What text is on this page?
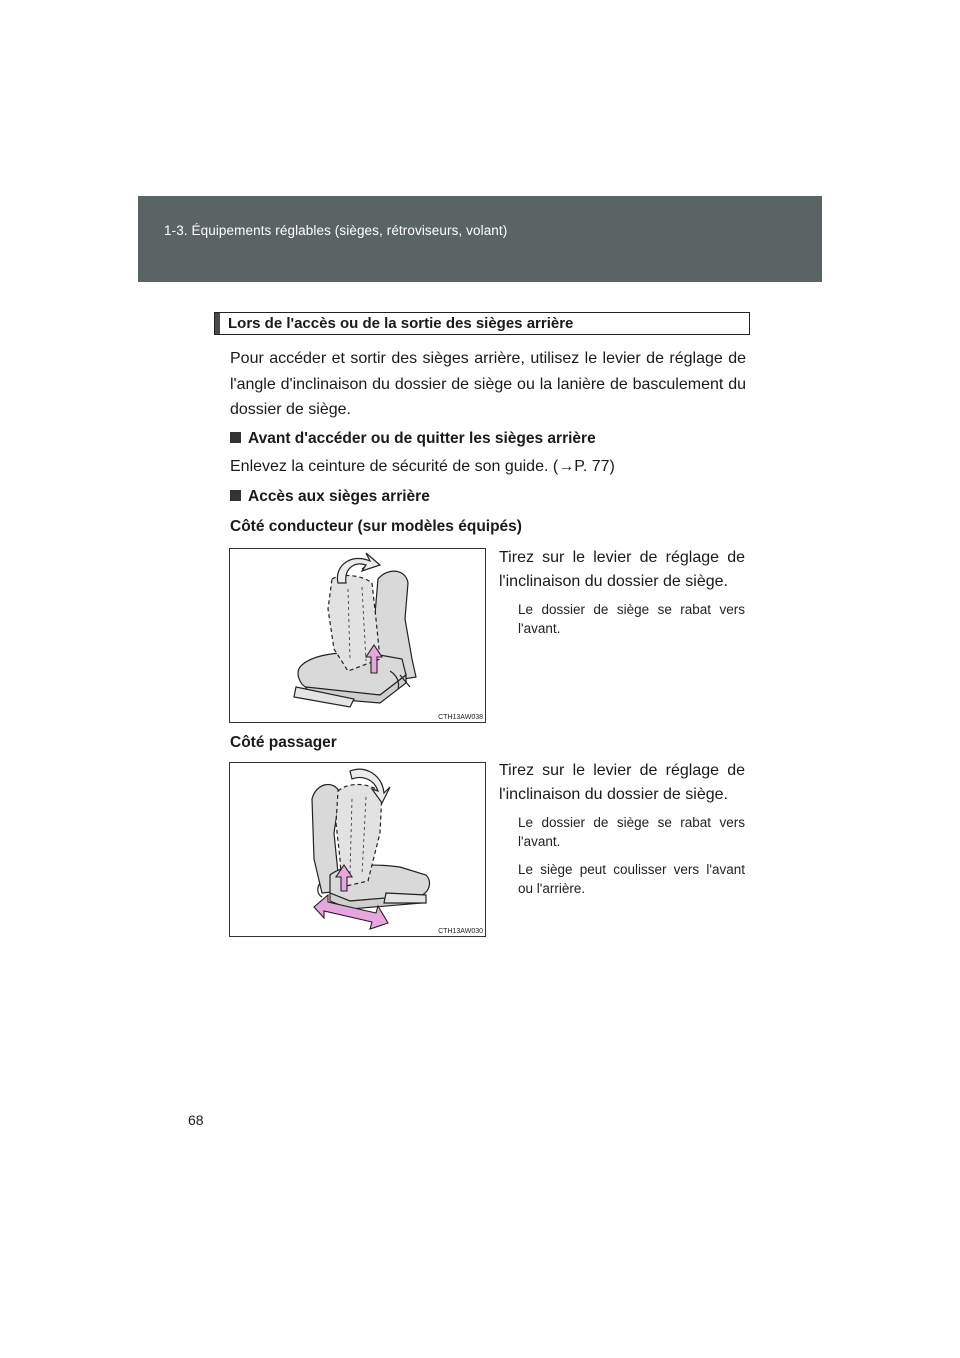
1-3. Équipements réglables (sièges, rétroviseurs, volant)
Lors de l'accès ou de la sortie des sièges arrière
Pour accéder et sortir des sièges arrière, utilisez le levier de réglage de l'angle d'inclinaison du dossier de siège ou la lanière de basculement du dossier de siège.
Avant d'accéder ou de quitter les sièges arrière
Enlevez la ceinture de sécurité de son guide. (→P. 77)
Accès aux sièges arrière
Côté conducteur (sur modèles équipés)
CTH13AW038
Tirez sur le levier de réglage de l'inclinaison du dossier de siège.
Le dossier de siège se rabat vers l'avant.
Côté passager
CTH13AW030
Tirez sur le levier de réglage de l'inclinaison du dossier de siège.
Le dossier de siège se rabat vers l'avant.
Le siège peut coulisser vers l'avant ou l'arrière.
68
